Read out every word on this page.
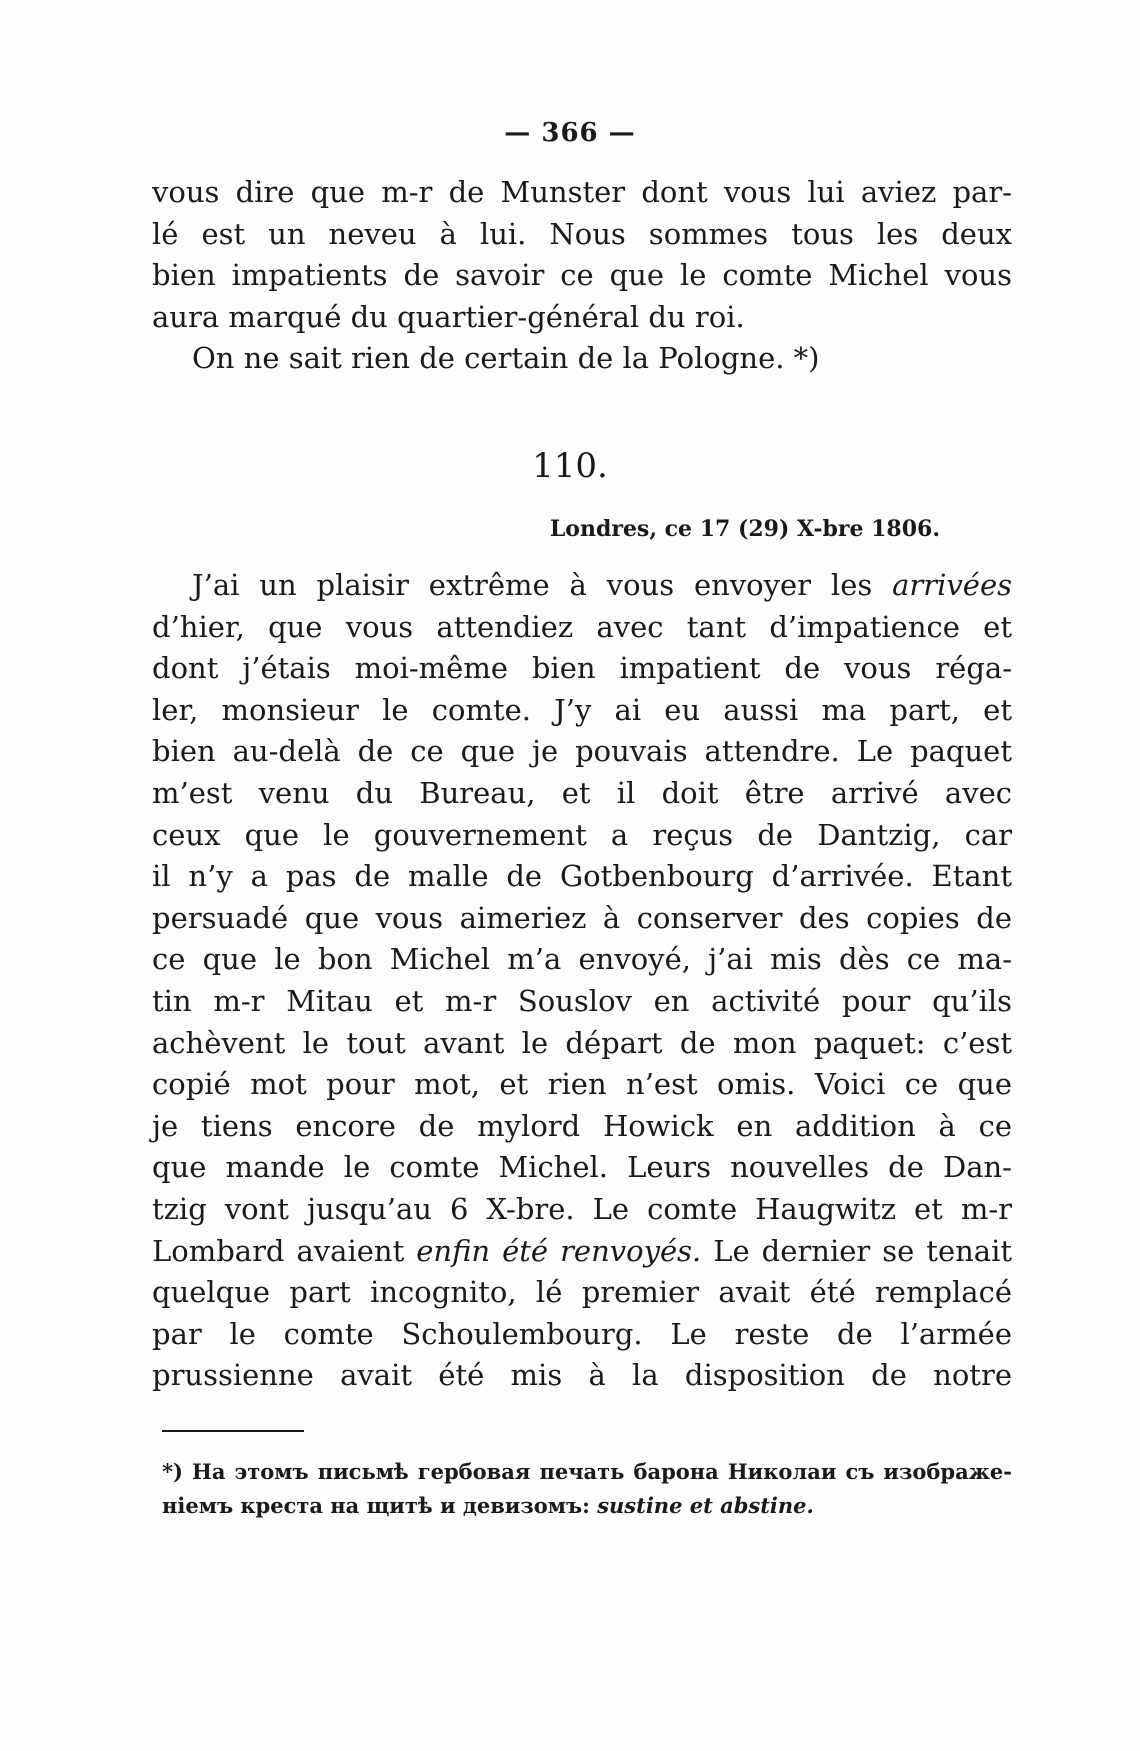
— 366 —
vous dire que m-r de Munster dont vous lui aviez par-
lé est un neveu à lui. Nous sommes tous les deux
bien impatients de savoir ce que le comte Michel vous
aura marqué du quartier-général du roi.
On ne sait rien de certain de la Pologne. *)
110.
Londres, ce 17 (29) X-bre 1806.
J’ai un plaisir extrême à vous envoyer les arrivées
d’hier, que vous attendiez avec tant d’impatience et
dont j’étais moi-même bien impatient de vous réga-
ler, monsieur le comte. J’y ai eu aussi ma part, et
bien au-delà de ce que je pouvais attendre. Le paquet
m’est venu du Bureau, et il doit être arrivé avec
ceux que le gouvernement a reçus de Dantzig, car
il n’y a pas de malle de Gotbenbourg d’arrivée. Etant
persuadé que vous aimeriez à conserver des copies de
ce que le bon Michel m’a envoyé, j’ai mis dès ce ma-
tin m-r Mitau et m-r Souslov en activité pour qu’ils
achèvent le tout avant le départ de mon paquet: c’est
copié mot pour mot, et rien n’est omis. Voici ce que
je tiens encore de mylord Howick en addition à ce
que mande le comte Michel. Leurs nouvelles de Dan-
tzig vont jusqu’au 6 X-bre. Le comte Haugwitz et m-r
Lombard avaient enfin été renvoyés. Le dernier se tenait
quelque part incognito, lé premier avait été remplacé
par le comte Schoulembourg. Le reste de l’armée
prussienne avait été mis à la disposition de notre
*) На этомъ письмѣ гербовая печать барона Николаи съ изображе-
ніемъ креста на щитѣ и девизомъ: sustine et abstine.
